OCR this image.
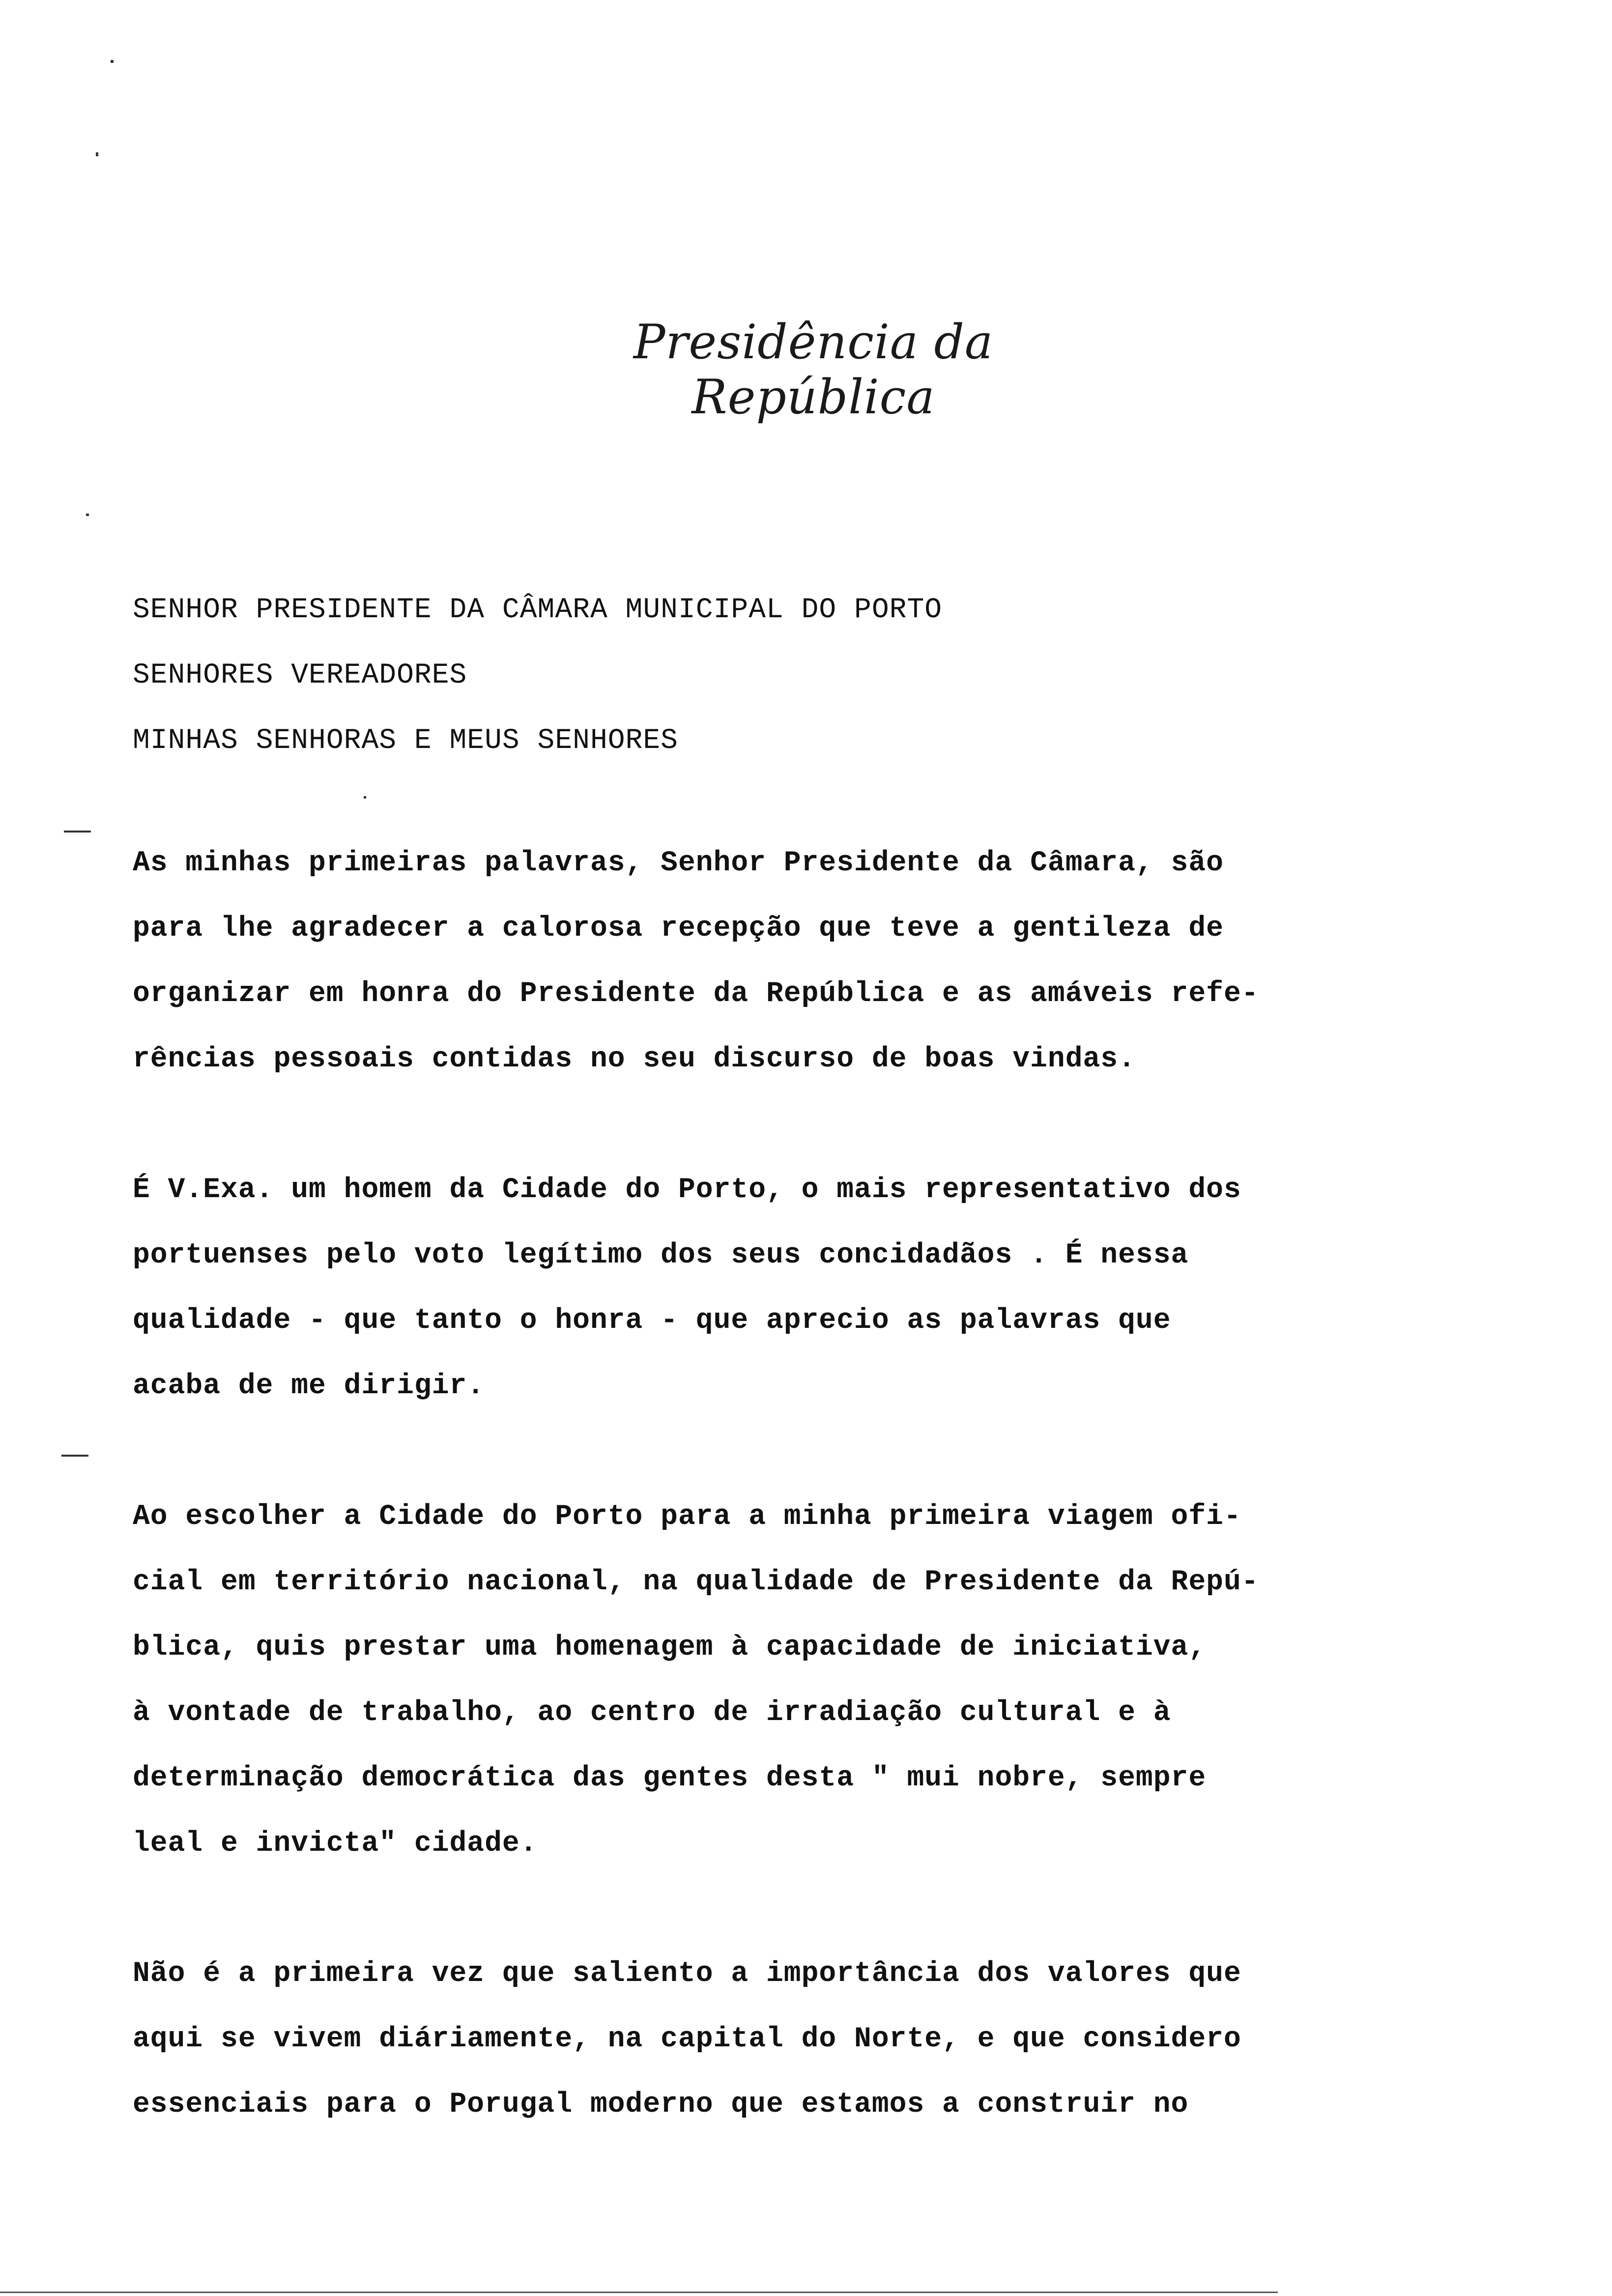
Presidência da República
SENHOR PRESIDENTE DA CÂMARA MUNICIPAL DO PORTO
SENHORES VEREADORES
MINHAS SENHORAS E MEUS SENHORES
As minhas primeiras palavras, Senhor Presidente da Câmara, são
para lhe agradecer a calorosa recepção que teve a gentileza de
organizar em honra do Presidente da República e as amáveis refe-
rências pessoais contidas no seu discurso de boas vindas.
É V.Exa. um homem da Cidade do Porto, o mais representativo dos
portuenses pelo voto legítimo dos seus concidadãos . É nessa
qualidade - que tanto o honra - que aprecio as palavras que
acaba de me dirigir.
Ao escolher a Cidade do Porto para a minha primeira viagem ofi-
cial em território nacional, na qualidade de Presidente da Repú-
blica, quis prestar uma homenagem à capacidade de iniciativa,
à vontade de trabalho, ao centro de irradiação cultural e à
determinação democrática das gentes desta " mui nobre, sempre
leal e invicta" cidade.
Não é a primeira vez que saliento a importância dos valores que
aqui se vivem diáriamente, na capital do Norte, e que considero
essenciais para o Porugal moderno que estamos a construir no
